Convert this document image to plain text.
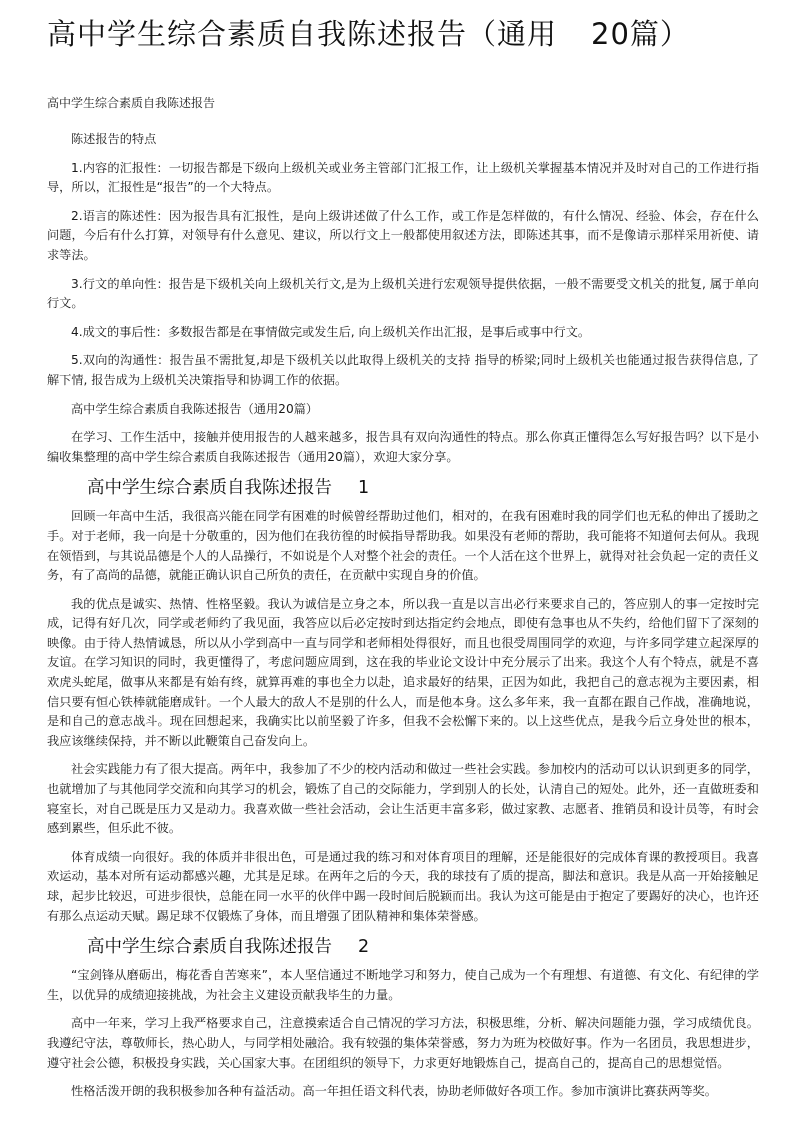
高中学生综合素质自我陈述报告（通用 20篇）
高中学生综合素质自我陈述报告

陈述报告的特点

1.内容的汇报性：一切报告都是下级向上级机关或业务主管部门汇报工作，让上级机关掌握基本情况并及时对自己的工作进行指导，所以，汇报性是“报告”的一个大特点。

2.语言的陈述性：因为报告具有汇报性，是向上级讲述做了什么工作，或工作是怎样做的，有什么情况、经验、体会，存在什么问题，今后有什么打算，对领导有什么意见、建议，所以行文上一般都使用叙述方法，即陈述其事，而不是像请示那样采用祈使、请求等法。

3.行文的单向性：报告是下级机关向上级机关行文,是为上级机关进行宏观领导提供依据，一般不需要受文机关的批复, 属于单向行文。

4.成文的事后性：多数报告都是在事情做完或发生后, 向上级机关作出汇报，是事后或事中行文。

5.双向的沟通性：报告虽不需批复,却是下级机关以此取得上级机关的支持 指导的桥梁;同时上级机关也能通过报告获得信息, 了解下情, 报告成为上级机关决策指导和协调工作的依据。

高中学生综合素质自我陈述报告（通用20篇）

在学习、工作生活中，接触并使用报告的人越来越多，报告具有双向沟通性的特点。那么你真正懂得怎么写好报告吗？以下是小编收集整理的高中学生综合素质自我陈述报告（通用20篇），欢迎大家分享。

高中学生综合素质自我陈述报告 1

回顾一年高中生活，我很高兴能在同学有困难的时候曾经帮助过他们，相对的，在我有困难时我的同学们也无私的伸出了援助之手。对于老师，我一向是十分敬重的，因为他们在我彷徨的时候指导帮助我。如果没有老师的帮助，我可能将不知道何去何从。我现在领悟到，与其说品德是个人的人品操行，不如说是个人对整个社会的责任。一个人活在这个世界上，就得对社会负起一定的责任义务，有了高尚的品德，就能正确认识自己所负的责任，在贡献中实现自身的价值。

我的优点是诚实、热情、性格坚毅。我认为诚信是立身之本，所以我一直是以言出必行来要求自己的，答应别人的事一定按时完成，记得有好几次，同学或老师约了我见面，我答应以后必定按时到达指定约会地点，即使有急事也从不失约，给他们留下了深刻的映像。由于待人热情诚恳，所以从小学到高中一直与同学和老师相处得很好，而且也很受周围同学的欢迎，与许多同学建立起深厚的友谊。在学习知识的同时，我更懂得了，考虑问题应周到，这在我的毕业论文设计中充分展示了出来。我这个人有个特点，就是不喜欢虎头蛇尾，做事从来都是有始有终，就算再难的事也全力以赴，追求最好的结果，正因为如此，我把自己的意志视为主要因素，相信只要有恒心铁棒就能磨成针。一个人最大的敌人不是别的什么人，而是他本身。这么多年来，我一直都在跟自己作战，准确地说，是和自己的意志战斗。现在回想起来，我确实比以前坚毅了许多，但我不会松懈下来的。以上这些优点，是我今后立身处世的根本，我应该继续保持，并不断以此鞭策自己奋发向上。

社会实践能力有了很大提高。两年中，我参加了不少的校内活动和做过一些社会实践。参加校内的活动可以认识到更多的同学，也就增加了与其他同学交流和向其学习的机会，锻炼了自己的交际能力，学到别人的长处，认清自己的短处。此外，还一直做班委和寝室长，对自己既是压力又是动力。我喜欢做一些社会活动，会让生活更丰富多彩，做过家教、志愿者、推销员和设计员等，有时会感到累些，但乐此不彼。

体育成绩一向很好。我的体质并非很出色，可是通过我的练习和对体育项目的理解，还是能很好的完成体育课的教授项目。我喜欢运动，基本对所有运动都感兴趣，尤其是足球。在两年之后的今天，我的球技有了质的提高，脚法和意识。我是从高一开始接触足球，起步比较迟，可进步很快，总能在同一水平的伙伴中踢一段时间后脱颖而出。我认为这可能是由于抱定了要踢好的决心，也许还有那么点运动天赋。踢足球不仅锻炼了身体，而且增强了团队精神和集体荣誉感。

高中学生综合素质自我陈述报告 2

“宝剑锋从磨砺出，梅花香自苦寒来”，本人坚信通过不断地学习和努力，使自己成为一个有理想、有道德、有文化、有纪律的学生，以优异的成绩迎接挑战，为社会主义建设贡献我毕生的力量。

高中一年来，学习上我严格要求自己，注意摸索适合自己情况的学习方法，积极思维，分析、解决问题能力强，学习成绩优良。我遵纪守法，尊敬师长，热心助人，与同学相处融洽。我有较强的集体荣誉感，努力为班为校做好事。作为一名团员，我思想进步，遵守社会公德，积极投身实践，关心国家大事。在团组织的领导下，力求更好地锻炼自己，提高自己的，提高自己的思想觉悟。

性格活泼开朗的我积极参加各种有益活动。高一年担任语文科代表，协助老师做好各项工作。参加市演讲比赛获两等奖。
